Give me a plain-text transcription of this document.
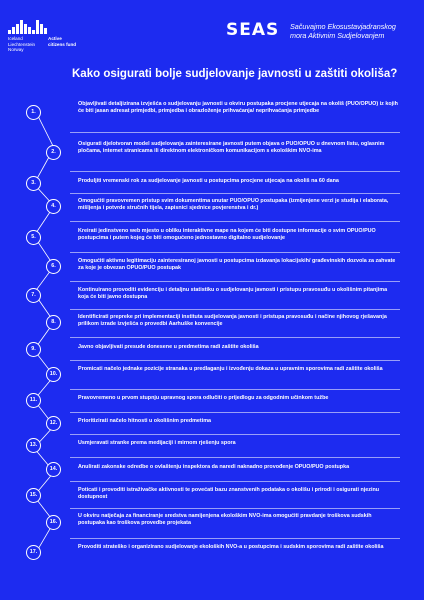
Iceland
Liechtenstein
Norway
Active
citizens fund
SEAS Sačuvajmo Ekosustavjadranskog
mora Aktivnim Sudjelovanjem
Kako osigurati bolje sudjelovanje javnosti u zaštiti okoliša?
1.
Objavljivati detaljizirana izvješća o sudjelovanju javnosti u okviru postupaka procjene utjecaja na okoliš (PUO/OPUO) iz kojih će biti jasan adresat primjedbi, primjedba i obrazloženje prihvaćanja/ neprihvaćanja primjedbe
2.
Osigurati djelotvoran model sudjelovanja zainteresirane javnosti putem objava o PUO/OPUO u dnevnom listu, oglasnim pločama, internet stranicama ili direktnom elektroničkom komunikacijom s ekološkim NVO-ima
3.	Produljiti vremenski rok za sudjelovanje javnosti u postupcima procjene utjecaja na okoliš na 60 dana
4.
Omogućiti pravovremen pristup svim dokumentima unutar PUO/OPUO postupaka (izmijenjene verzi je studija i elaborata, mišljenja i potvrde stručnih tijela, zapisnici sjednice povjerenstva i dr.)
5.
Kreirati jedinstveno web mjesto u obliku interaktivne mape na kojem će biti dostupne informacije o svim OPUO/PUO postupcima i putem kojeg će biti omogućeno jednostavno digitalno sudjelovanje
6.
Omogućiti aktivnu legitimaciju zainteresiranoj javnosti u postupcima izdavanja lokacijskih/ građevinskih dozvola za zahvate za koje je obvezan OPUO/PUO postupak
7.
Kontinuirano provoditi evidenciju i detaljnu statistiku o sudjelovanju javnosti i pristupu pravosuđu u okolišnim pitanjima koja će biti javno dostupna
8.
Identificirati prepreke pri implementaciji instituta sudjelovanja javnosti i pristupa pravosuđu i načine njihovog rješavanja prilikom izrade izvješća o provedbi Aarhuške konvencije
9.	Javno objavljivati presude donesene u predmetima radi zaštite okoliša
10.
Promicati načelo jednake pozicije stranaka u predlaganju i izvođenju dokaza u upravnim sporovima radi zaštite okoliša
11.	Pravovremeno u prvom stupnju upravnog spora odlučiti o prijedlogu za odgodnim učinkom tužbe
12.	Prioritizirati načelo hitnosti u okolišnim predmetima
13.	Usmjeravati stranke prema medijaciji i mirnom rješenju spora
14.	Anulirati zakonske odredbe o ovlaštenju inspektora da naredi naknadno provođenje OPUO/PUO postupka
15.
Poticati i provoditi istraživačke aktivnosti te povećati bazu znanstvenih podataka o okolišu i prirodi i osigurati njezinu dostupnost
16.
U okviru natječaja za financiranje sredstva namijenjena ekološkim NVO-ima omogućiti pravdanje troškova sudskih postupaka kao troškova provedbe projekata
17.
Provoditi strateško i organizirano sudjelovanje ekoloških NVO-a u postupcima i sudskim sporovima radi zaštite okoliša
